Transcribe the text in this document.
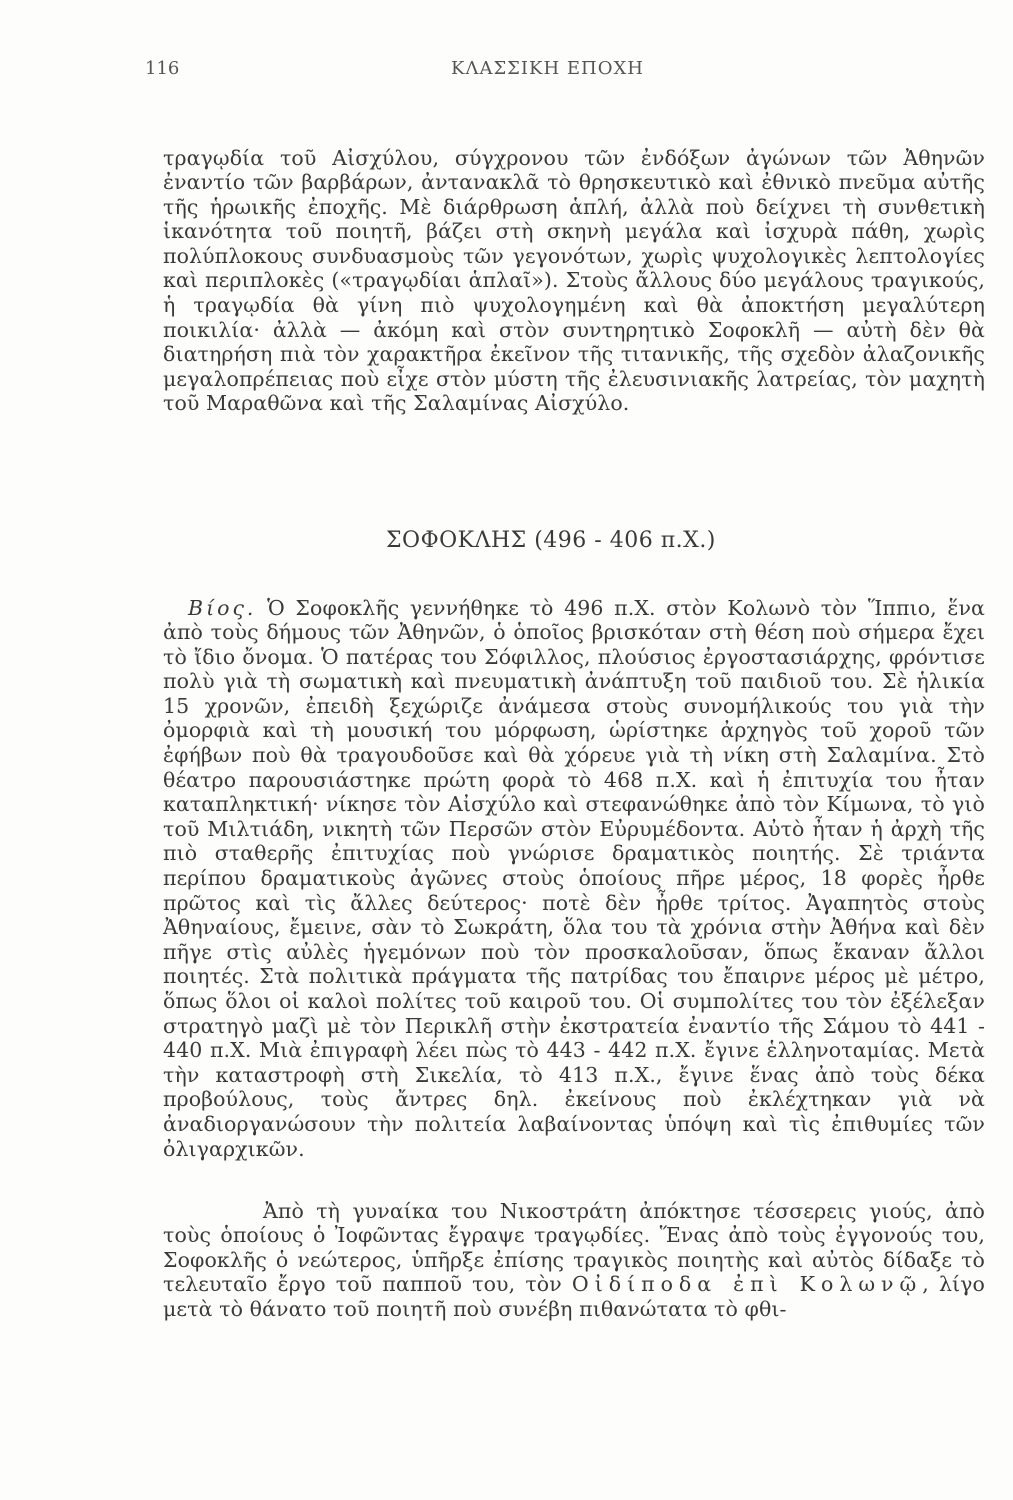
116	ΚΛΑΣΣΙΚΗ ΕΠΟΧΗ

τραγῳδία τοῦ Αἰσχύλου, σύγχρονου τῶν ἐνδόξων ἀγώνων τῶν Ἀθηνῶν ἐναντίο τῶν βαρβάρων, ἀντανακλᾶ τὸ θρησκευτικὸ καὶ ἐθνικὸ πνεῦμα αὐτῆς τῆς ἡρωικῆς ἐποχῆς. Μὲ διάρθρωση ἁπλή, ἀλλὰ ποὺ δείχνει τὴ συνθετικὴ ἱκανότητα τοῦ ποιητῆ, βάζει στὴ σκηνὴ μεγάλα καὶ ἰσχυρὰ πάθη, χωρὶς πολύπλοκους συνδυασμοὺς τῶν γεγονότων, χωρὶς ψυχολογικὲς λεπτολογίες καὶ περιπλοκὲς («τραγῳδίαι ἁπλαῖ»). Στοὺς ἄλλους δύο μεγάλους τραγικούς, ἡ τραγῳδία θὰ γίνη πιὸ ψυχολογημένη καὶ θὰ ἀποκτήση μεγαλύτερη ποικιλία· ἀλλὰ — ἀκόμη καὶ στὸν συντηρητικὸ Σοφοκλῆ — αὐτὴ δὲν θὰ διατηρήση πιὰ τὸν χαρακτῆρα ἐκεῖνον τῆς τιτανικῆς, τῆς σχεδὸν ἀλαζονικῆς μεγαλοπρέπειας ποὺ εἶχε στὸν μύστη τῆς ἐλευσινιακῆς λατρείας, τὸν μαχητὴ τοῦ Μαραθῶνα καὶ τῆς Σαλαμίνας Αἰσχύλο.

ΣΟΦΟΚΛΗΣ (496 - 406 π.Χ.)

Βίος. Ὁ Σοφοκλῆς γεννήθηκε τὸ 496 π.Χ. στὸν Κολωνὸ τὸν Ἵππιο, ἕνα ἀπὸ τοὺς δήμους τῶν Ἀθηνῶν, ὁ ὁποῖος βρισκόταν στὴ θέση ποὺ σήμερα ἔχει τὸ ἴδιο ὄνομα. Ὁ πατέρας του Σόφιλλος, πλούσιος ἐργοστασιάρχης, φρόντισε πολὺ γιὰ τὴ σωματικὴ καὶ πνευματικὴ ἀνάπτυξη τοῦ παιδιοῦ του. Σὲ ἡλικία 15 χρονῶν, ἐπειδὴ ξεχώριζε ἀνάμεσα στοὺς συνομήλικούς του γιὰ τὴν ὀμορφιὰ καὶ τὴ μουσική του μόρφωση, ὡρίστηκε ἀρχηγὸς τοῦ χοροῦ τῶν ἐφήβων ποὺ θὰ τραγουδοῦσε καὶ θὰ χόρευε γιὰ τὴ νίκη στὴ Σαλαμίνα. Στὸ θέατρο παρουσιάστηκε πρώτη φορὰ τὸ 468 π.Χ. καὶ ἡ ἐπιτυχία του ἦταν καταπληκτική· νίκησε τὸν Αἰσχύλο καὶ στεφανώθηκε ἀπὸ τὸν Κίμωνα, τὸ γιὸ τοῦ Μιλτιάδη, νικητὴ τῶν Περσῶν στὸν Εὐρυμέδοντα. Αὐτὸ ἦταν ἡ ἀρχὴ τῆς πιὸ σταθερῆς ἐπιτυχίας ποὺ γνώρισε δραματικὸς ποιητής. Σὲ τριάντα περίπου δραματικοὺς ἀγῶνες στοὺς ὁποίους πῆρε μέρος, 18 φορὲς ἦρθε πρῶτος καὶ τὶς ἄλλες δεύτερος· ποτὲ δὲν ἦρθε τρίτος. Ἀγαπητὸς στοὺς Ἀθηναίους, ἔμεινε, σὰν τὸ Σωκράτη, ὅλα του τὰ χρόνια στὴν Ἀθήνα καὶ δὲν πῆγε στὶς αὐλὲς ἡγεμόνων ποὺ τὸν προσκαλοῦσαν, ὅπως ἔκαναν ἄλλοι ποιητές. Στὰ πολιτικὰ πράγματα τῆς πατρίδας του ἔπαιρνε μέρος μὲ μέτρο, ὅπως ὅλοι οἱ καλοὶ πολίτες τοῦ καιροῦ του. Οἱ συμπολίτες του τὸν ἐξέλεξαν στρατηγὸ μαζὶ μὲ τὸν Περικλῆ στὴν ἐκστρατεία ἐναντίο τῆς Σάμου τὸ 441 - 440 π.Χ. Μιὰ ἐπιγραφὴ λέει πὼς τὸ 443 - 442 π.Χ. ἔγινε ἑλληνοταμίας. Μετὰ τὴν καταστροφὴ στὴ Σικελία, τὸ 413 π.Χ., ἔγινε ἕνας ἀπὸ τοὺς δέκα προβούλους, τοὺς ἄντρες δηλ. ἐκείνους ποὺ ἐκλέχτηκαν γιὰ νὰ ἀναδιοργανώσουν τὴν πολιτεία λαβαίνοντας ὑπόψη καὶ τὶς ἐπιθυμίες τῶν ὀλιγαρχικῶν.

Ἀπὸ τὴ γυναίκα του Νικοστράτη ἀπόκτησε τέσσερεις γιούς, ἀπὸ τοὺς ὁποίους ὁ Ἰοφῶντας ἔγραψε τραγῳδίες. Ἕνας ἀπὸ τοὺς ἐγγονούς του, Σοφοκλῆς ὁ νεώτερος, ὑπῆρξε ἐπίσης τραγικὸς ποιητὴς καὶ αὐτὸς δίδαξε τὸ τελευταῖο ἔργο τοῦ παπποῦ του, τὸν Οἰδίποδα ἐπὶ Κολωνῷ, λίγο μετὰ τὸ θάνατο τοῦ ποιητῆ ποὺ συνέβη πιθανώτατα τὸ φθι-
